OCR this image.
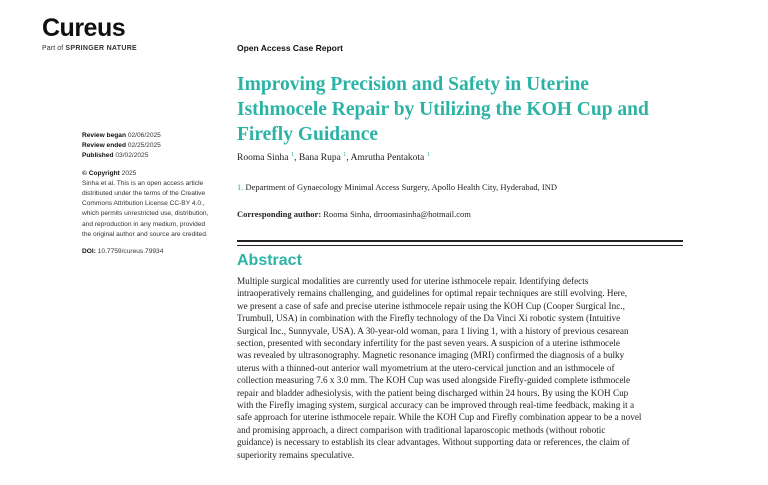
Cureus
Part of SPRINGER NATURE	Open Access Case Report
Improving Precision and Safety in Uterine
Isthmocele Repair by Utilizing the KOH Cup and
Firefly Guidance
Rooma Sinha $^1$, Bana Rupa $^1$, Amrutha Pentakota $^1$
1. Department of Gynaecology Minimal Access Surgery, Apollo Health City, Hyderabad, IND
Corresponding author: Rooma Sinha, drroomasinha@hotmail.com
Abstract

Multiple surgical modalities are currently used for uterine isthmocele repair. Identifying defects
intraoperatively remains challenging, and guidelines for optimal repair techniques are still evolving. Here,
we present a case of safe and precise uterine isthmocele repair using the KOH Cup (Cooper Surgical Inc.,
Trumbull, USA) in combination with the Firefly technology of the Da Vinci Xi robotic system (Intuitive
Surgical Inc., Sunnyvale, USA). A 30-year-old woman, para 1 living 1, with a history of previous cesarean
section, presented with secondary infertility for the past seven years. A suspicion of a uterine isthmocele
was revealed by ultrasonography. Magnetic resonance imaging (MRI) confirmed the diagnosis of a bulky
uterus with a thinned-out anterior wall myometrium at the utero-cervical junction and an isthmocele of
collection measuring 7.6 x 3.0 mm. The KOH Cup was used alongside Firefly-guided complete isthmocele
repair and bladder adhesiolysis, with the patient being discharged within 24 hours. By using the KOH Cup
with the Firefly imaging system, surgical accuracy can be improved through real-time feedback, making it a
safe approach for uterine isthmocele repair. While the KOH Cup and Firefly combination appear to be a novel
and promising approach, a direct comparison with traditional laparoscopic methods (without robotic
guidance) is necessary to establish its clear advantages. Without supporting data or references, the claim of
superiority remains speculative.

Review began 02/06/2025
Review ended 02/25/2025
Published 03/02/2025
© Copyright 2025
Sinha et al. This is an open access article
distributed under the terms of the Creative
Commons Attribution License CC-BY 4.0.,
which permits unrestricted use, distribution,
and reproduction in any medium, provided
the original author and source are credited.
DOI: 10.7759/cureus.79934
